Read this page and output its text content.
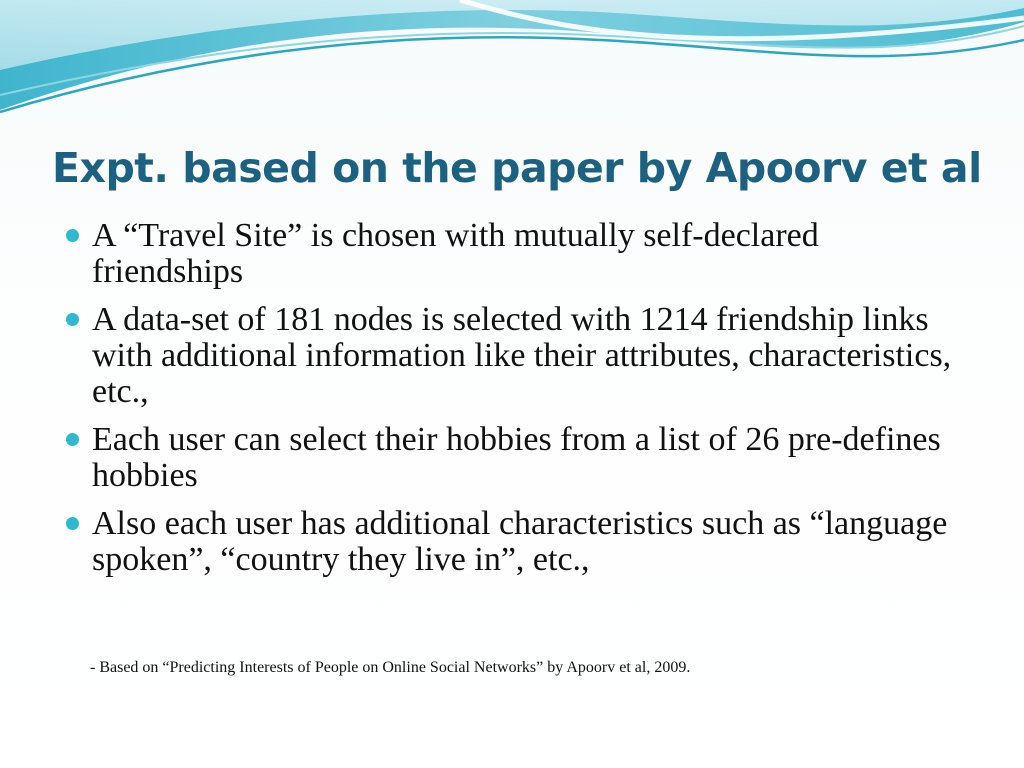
Expt. based on the paper by Apoorv et al
A “Travel Site” is chosen with mutually self-declared friendships
A data-set of 181 nodes is selected with 1214 friendship links with additional information like their attributes, characteristics, etc.,
Each user can select their hobbies from a list of 26 pre-defines hobbies
Also each user has additional characteristics such as “language spoken”, “country they live in”, etc.,

- Based on “Predicting Interests of People on Online Social Networks” by Apoorv et al, 2009.
